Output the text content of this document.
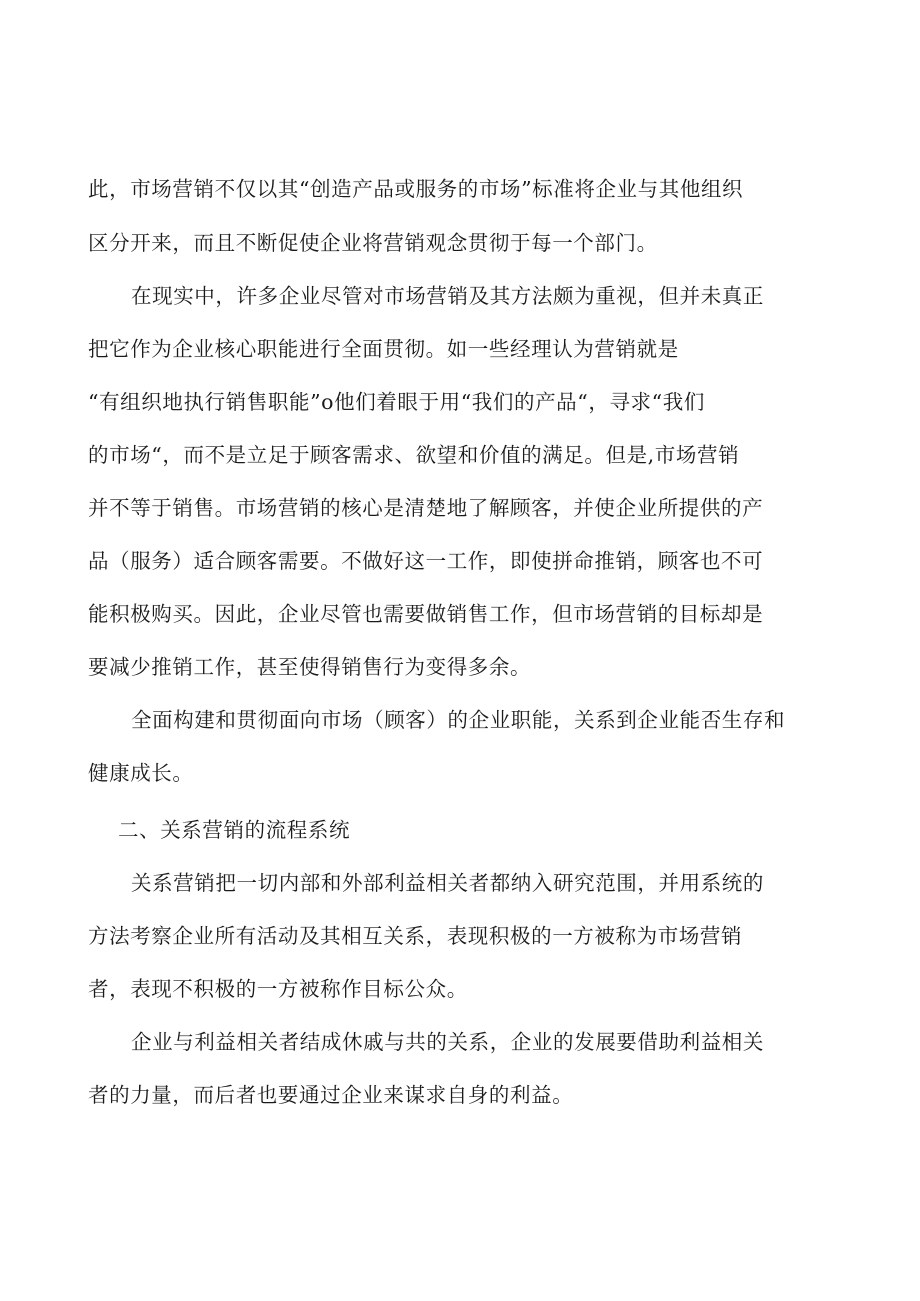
此，市场营销不仅以其“创造产品或服务的市场”标准将企业与其他组织
区分开来，而且不断促使企业将营销观念贯彻于每一个部门。
在现实中，许多企业尽管对市场营销及其方法颇为重视，但并未真正
把它作为企业核心职能进行全面贯彻。如一些经理认为营销就是
“有组织地执行销售职能”o他们着眼于用“我们的产品“，寻求“我们
的市场“，而不是立足于顾客需求、欲望和价值的满足。但是,市场营销
并不等于销售。市场营销的核心是清楚地了解顾客，并使企业所提供的产
品（服务）适合顾客需要。不做好这一工作，即使拼命推销，顾客也不可
能积极购买。因此，企业尽管也需要做销售工作，但市场营销的目标却是
要减少推销工作，甚至使得销售行为变得多余。
全面构建和贯彻面向市场（顾客）的企业职能，关系到企业能否生存和
健康成长。
二、关系营销的流程系统
关系营销把一切内部和外部利益相关者都纳入研究范围，并用系统的
方法考察企业所有活动及其相互关系，表现积极的一方被称为市场营销
者，表现不积极的一方被称作目标公众。
企业与利益相关者结成休戚与共的关系，企业的发展要借助利益相关
者的力量，而后者也要通过企业来谋求自身的利益。
